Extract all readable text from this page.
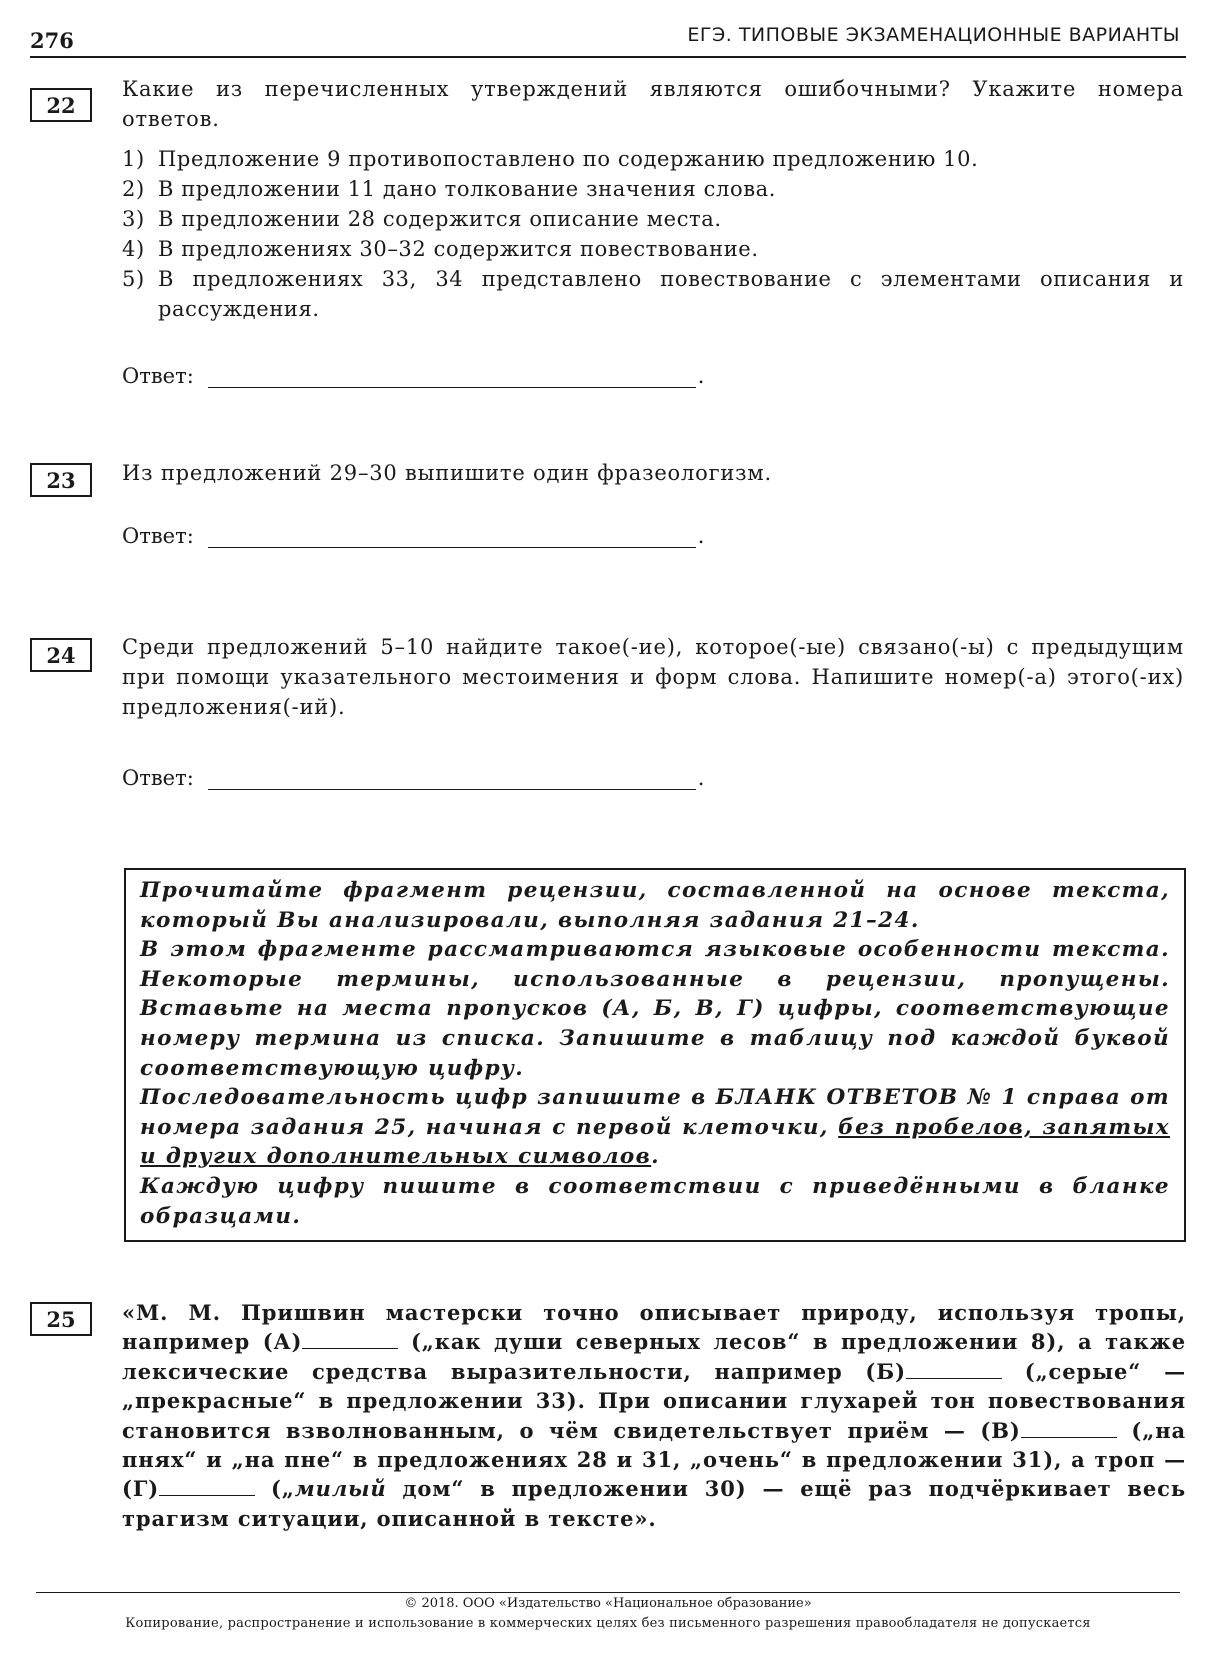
276	ЕГЭ. ТИПОВЫЕ ЭКЗАМЕНАЦИОННЫЕ ВАРИАНТЫ
22
Какие из перечисленных утверждений являются ошибочными? Укажите номера ответов.
1) Предложение 9 противопоставлено по содержанию предложению 10.
2) В предложении 11 дано толкование значения слова.
3) В предложении 28 содержится описание места.
4) В предложениях 30–32 содержится повествование.
5) В предложениях 33, 34 представлено повествование с элементами описания и рассуждения.
Ответ:	.
23	Из предложений 29–30 выпишите один фразеологизм.
Ответ:	.
24	Среди предложений 5–10 найдите такое(-ие), которое(-ые) связано(-ы) с предыдущим при помощи указательного местоимения и форм слова. Напишите номер(-а) этого(-их) предложения(-ий).
Ответ:	.

Прочитайте фрагмент рецензии, составленной на основе текста, который Вы анализировали, выполняя задания 21–24.

В этом фрагменте рассматриваются языковые особенности текста. Некоторые термины, использованные в рецензии, пропущены. Вставьте на места пропусков (А, Б, В, Г) цифры, соответствующие номеру термина из списка. Запишите в таблицу под каждой буквой соответствующую цифру.

Последовательность цифр запишите в БЛАНК ОТВЕТОВ № 1 справа от номера задания 25, начиная с первой клеточки, без пробелов, запятых и других дополнительных символов.

Каждую цифру пишите в соответствии с приведёнными в бланке образцами.

25	«М. М. Пришвин мастерски точно описывает природу, используя тропы, например (А)	(„как души северных лесов“ в предложении 8), а также лексические средства выразительности, например (Б)	(„серые“ — „прекрасные“ в предложении 33). При описании глухарей тон повествования становится взволнованным, о чём свидетельствует приём — (В)	(„на пнях“ и „на пне“ в предложениях 28 и 31, „очень“ в предложении 31), а троп — (Г)	(„милый дом“ в предложении 30) — ещё раз подчёркивает весь трагизм ситуации, описанной в тексте».
© 2018. ООО «Издательство «Национальное образование»
Копирование, распространение и использование в коммерческих целях без письменного разрешения правообладателя не допускается
